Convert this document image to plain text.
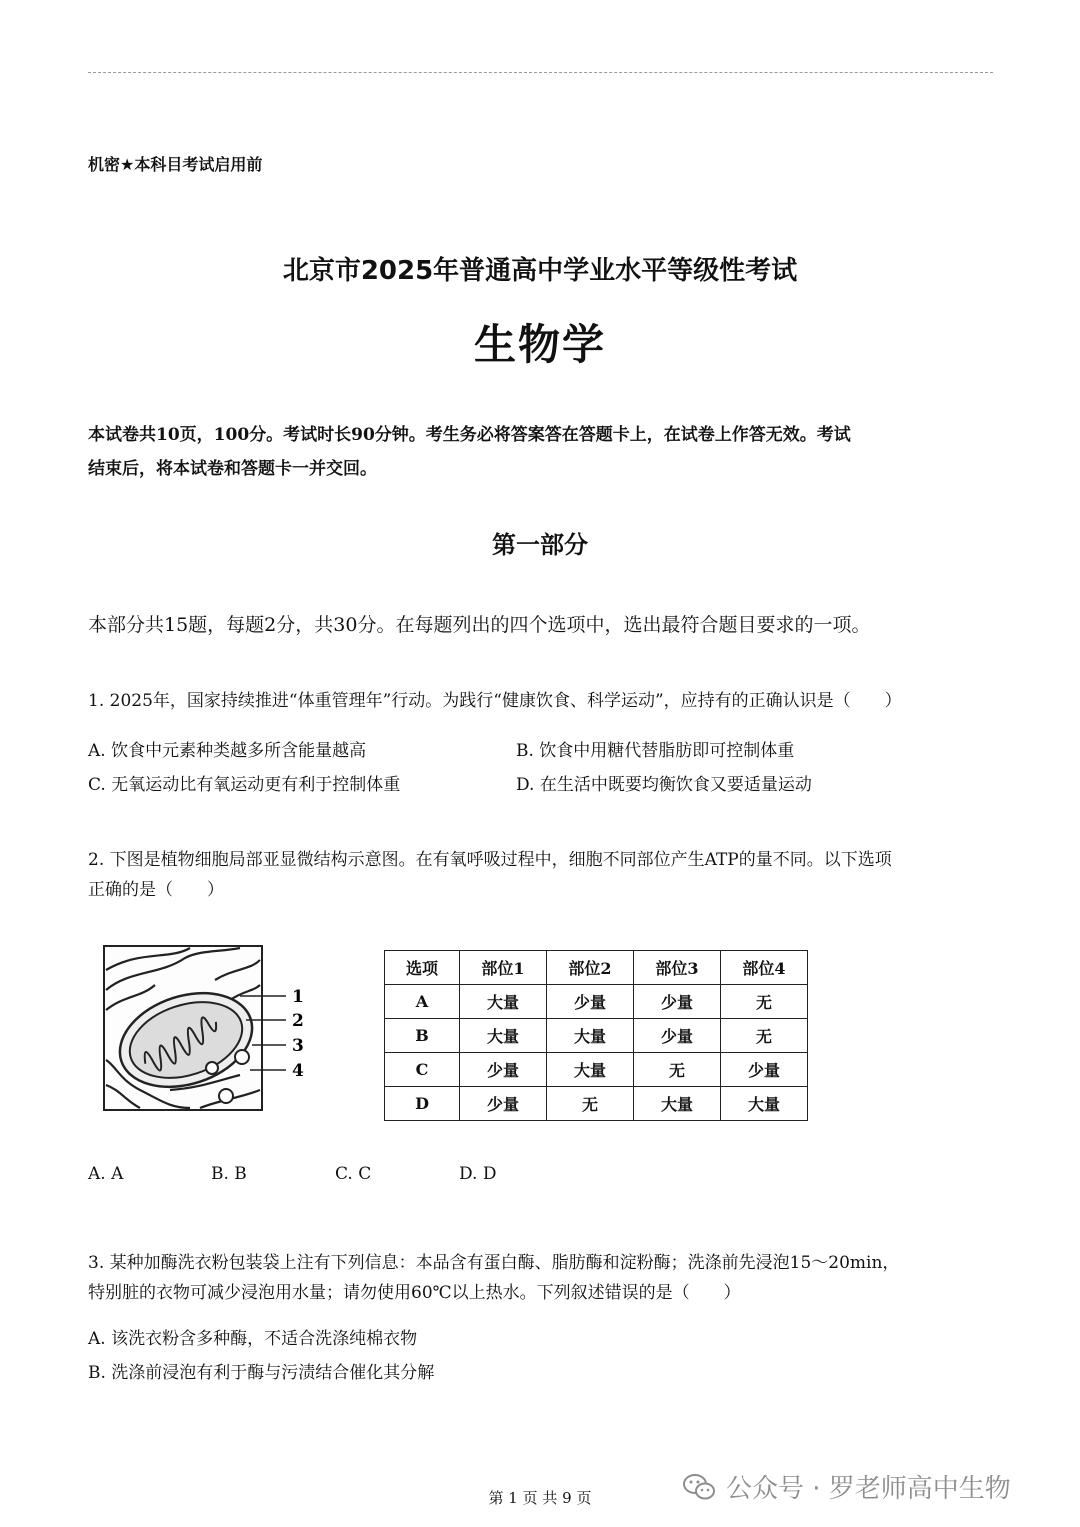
机密★本科目考试启用前
北京市2025年普通高中学业水平等级性考试
生物学
本试卷共10页，100分。考试时长90分钟。考生务必将答案答在答题卡上，在试卷上作答无效。考试
结束后，将本试卷和答题卡一并交回。
第一部分
本部分共15题，每题2分，共30分。在每题列出的四个选项中，选出最符合题目要求的一项。
1. 2025年，国家持续推进“体重管理年”行动。为践行“健康饮食、科学运动”，应持有的正确认识是（　　）
A. 饮食中元素种类越多所含能量越高	B. 饮食中用糖代替脂肪即可控制体重
C. 无氧运动比有氧运动更有利于控制体重	D. 在生活中既要均衡饮食又要适量运动
2. 下图是植物细胞局部亚显微结构示意图。在有氧呼吸过程中，细胞不同部位产生ATP的量不同。以下选项
正确的是（　　）
1
2
3
4
选项	部位1	部位2	部位3	部位4
A	大量	少量	少量	无
B	大量	大量	少量	无
C	少量	大量	无	少量
D	少量	无	大量	大量
A. A	B. B	C. C	D. D
3. 某种加酶洗衣粉包装袋上注有下列信息：本品含有蛋白酶、脂肪酶和淀粉酶；洗涤前先浸泡15～20min，
特别脏的衣物可减少浸泡用水量；请勿使用60℃以上热水。下列叙述错误的是（　　）
A. 该洗衣粉含多种酶，不适合洗涤纯棉衣物
B. 洗涤前浸泡有利于酶与污渍结合催化其分解
第 1 页 共 9 页	公众号 · 罗老师高中生物
